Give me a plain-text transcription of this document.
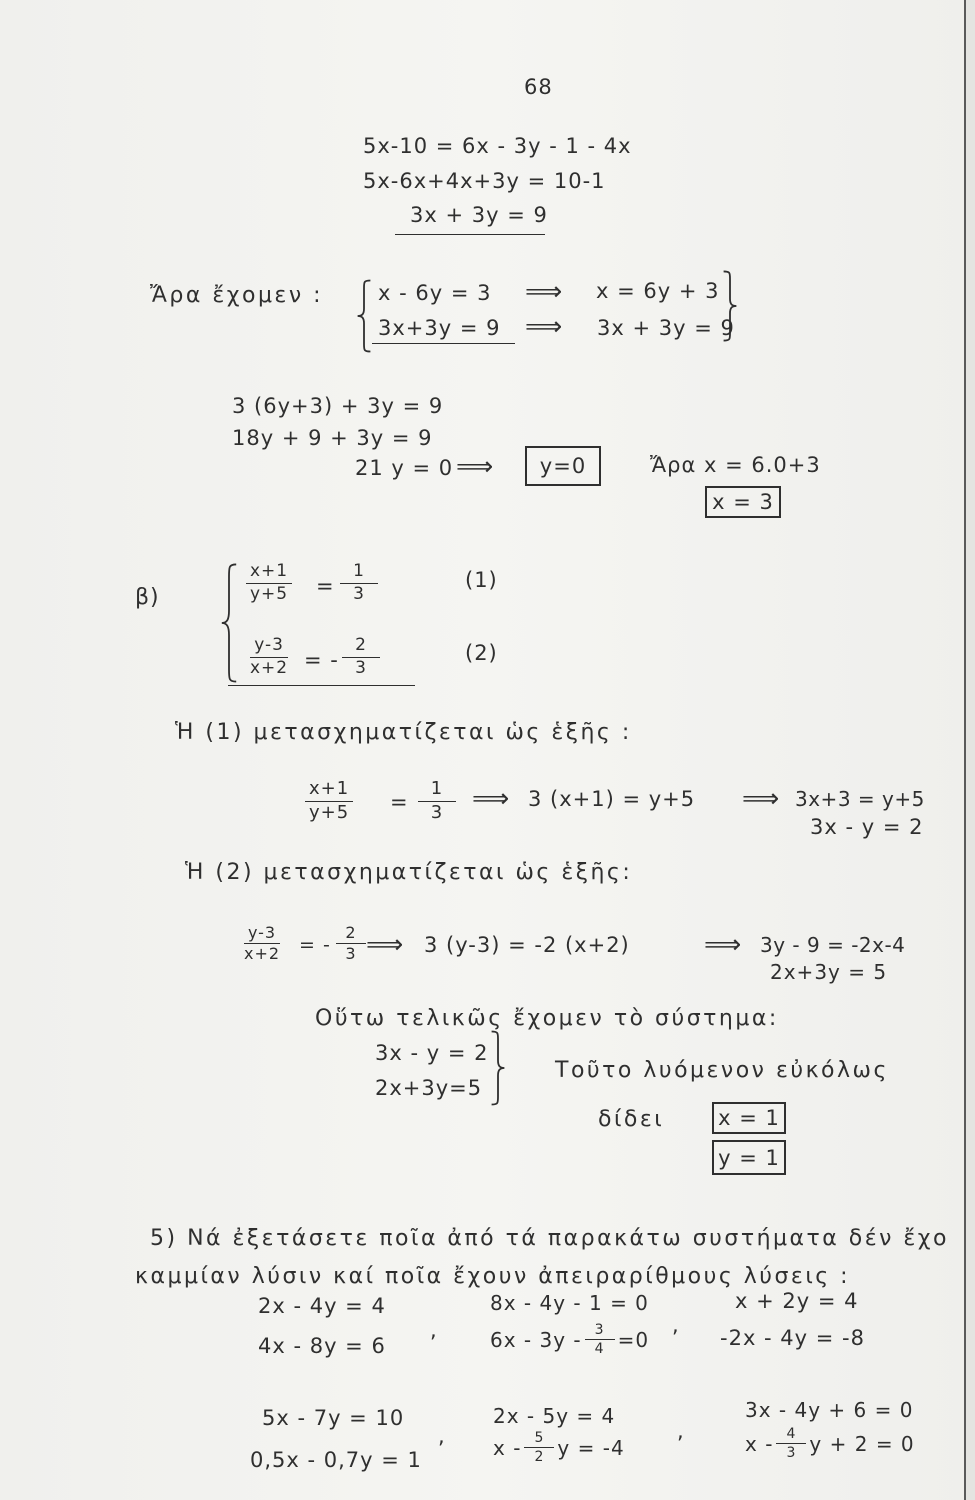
68
5x-10 = 6x - 3y - 1 - 4x
5x-6x+4x+3y = 10-1
3x + 3y = 9
Ἄρα ἔχομεν :	x - 6y = 3 ⟹ x = 6y + 3
3x+3y = 9 ⟹ 3x + 3y = 9
3 (6y+3) + 3y = 9
18y + 9 + 3y = 9
21 y = 0 ⟹	y=0	Ἄρα x = 6.0+3
x = 3
β)	$\frac{x+1}{y+5} = \frac{1}{3}$	(1)
$\frac{y-3}{x+2}$ = - $\frac{2}{3}$	(2)
Ἡ (1) μετασχηματίζεται ὡς ἑξῆς :
$\frac{x+1}{y+5} = \frac{1}{3}$ ⟹ 3 (x+1) = y+5 ⟹ 3x+3 = y+5
3x - y = 2
Ἡ (2) μετασχηματίζεται ὡς ἑξῆς:
$\frac{y-3}{x+2}$ = - $\frac{2}{3}$ ⟹ 3 (y-3) = -2 (x+2)	⟹ 3y - 9 = -2x-4
2x+3y = 5
Οὕτω τελικῶς ἔχομεν τὸ σύστημα:
3x - y = 2
2x+3y=5
Τοῦτο λυόμενον εὐκόλως
δίδει	x = 1
y = 1
5) Νά ἐξετάσετε ποῖα ἀπό τά παρακάτω συστήματα δέν ἔχο
καμμίαν λύσιν καί ποῖα ἔχουν ἀπειραρίθμους λύσεις :
2x - 4y = 4
4x - 8y = 6
,
8x - 4y - 1 = 0
$6x - 3y - \frac{3}{4} =0$
,
x + 2y = 4
-2x - 4y = -8
5x - 7y = 10
0,5x - 0,7y = 1
,
2x - 5y = 4
x - $\frac{5}{2}$ y = -4
,
3x - 4y + 6 = 0
x - $\frac{4}{3}$ y + 2 = 0
